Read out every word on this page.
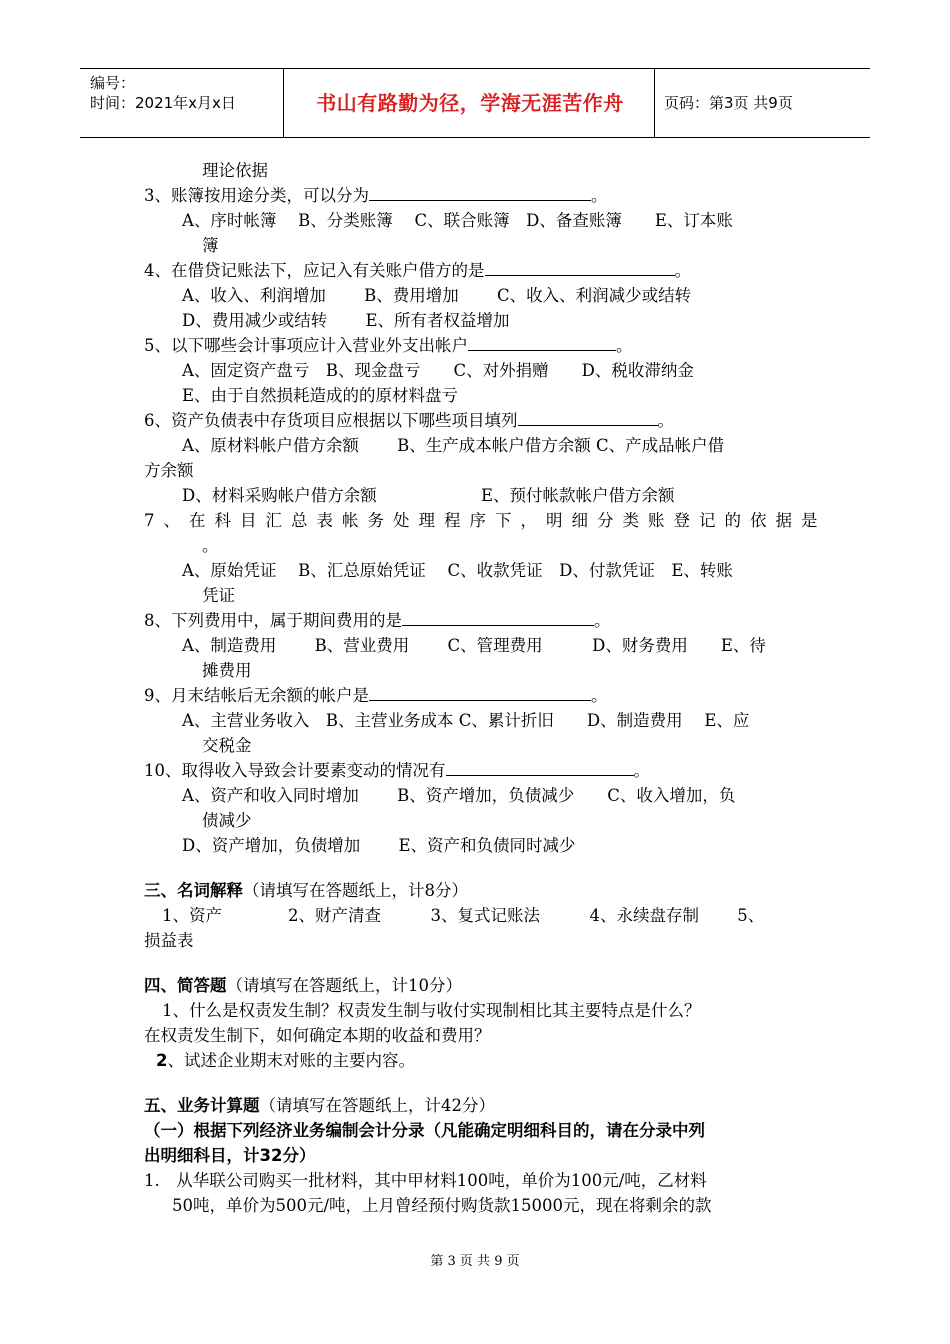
编号：
时间：2021年x月x日	书山有路勤为径，学海无涯苦作舟	页码：第3页 共9页
理论依据
3、账簿按用途分类，可以分为	。
A、序时帐簿　 B、分类账簿　 C、联合账簿　D、备查账簿　　E、订本账
簿
4、在借贷记账法下，应记入有关账户借方的是	。
A、收入、利润增加　　 B、费用增加　　 C、收入、利润减少或结转
D、费用减少或结转　　 E、所有者权益增加
5、以下哪些会计事项应计入营业外支出帐户	。
A、固定资产盘亏　B、现金盘亏　　C、对外捐赠　　D、税收滞纳金
E、由于自然损耗造成的的原材料盘亏
6、资产负债表中存货项目应根据以下哪些项目填列	。
A、原材料帐户借方余额　　 B、生产成本帐户借方余额 C、产成品帐户借
方余额
D、材料采购帐户借方余额　　　　　　 E、预付帐款帐户借方余额
7、在科目汇总表帐务处理程序下，明细分类账登记的依据是
。
A、原始凭证　 B、汇总原始凭证　 C、收款凭证　D、付款凭证　E、转账
凭证
8、下列费用中，属于期间费用的是	。
A、制造费用　　 B、营业费用　　 C、管理费用　　　D、财务费用　　E、待
摊费用
9、月末结帐后无余额的帐户是	。
A、主营业务收入　B、主营业务成本 C、累计折旧　　D、制造费用　 E、应
交税金
10、取得收入导致会计要素变动的情况有	。
A、资产和收入同时增加　　 B、资产增加，负债减少　　C、收入增加，负
债减少
D、资产增加，负债增加　　 E、资产和负债同时减少
三、名词解释（请填写在答题纸上，计8分）
1、资产　　　　2、财产清查　　　3、复式记账法　　　4、永续盘存制　　 5、
损益表
四、简答题（请填写在答题纸上，计10分）
1、什么是权责发生制？权责发生制与收付实现制相比其主要特点是什么？
在权责发生制下，如何确定本期的收益和费用？
2、试述企业期末对账的主要内容。
五、业务计算题（请填写在答题纸上，计42分）
（一）根据下列经济业务编制会计分录（凡能确定明细科目的，请在分录中列
出明细科目，计32分）
1.　从华联公司购买一批材料，其中甲材料100吨，单价为100元/吨，乙材料
50吨，单价为500元/吨，上月曾经预付购货款15000元，现在将剩余的款
第 3 页 共 9 页
